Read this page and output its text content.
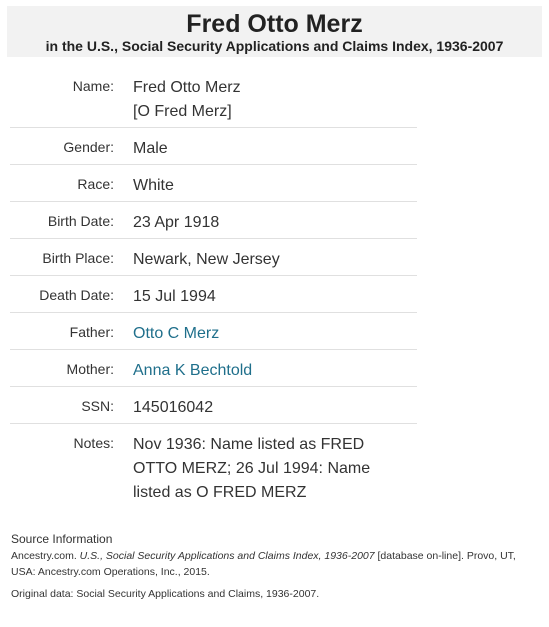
Fred Otto Merz
in the U.S., Social Security Applications and Claims Index, 1936-2007
Name: Fred Otto Merz
[O Fred Merz]
Gender:	Male
Race:	White
Birth Date:	23 Apr 1918
Birth Place:	Newark, New Jersey
Death Date:	15 Jul 1994
Father:	Otto C Merz
Mother:	Anna K Bechtold
SSN:	145016042
Notes: Nov 1936: Name listed as FRED
OTTO MERZ; 26 Jul 1994: Name
listed as O FRED MERZ
Source Information
Ancestry.com. U.S., Social Security Applications and Claims Index, 1936-2007 [database on-line]. Provo, UT, USA: Ancestry.com Operations, Inc., 2015.
Original data: Social Security Applications and Claims, 1936-2007.
